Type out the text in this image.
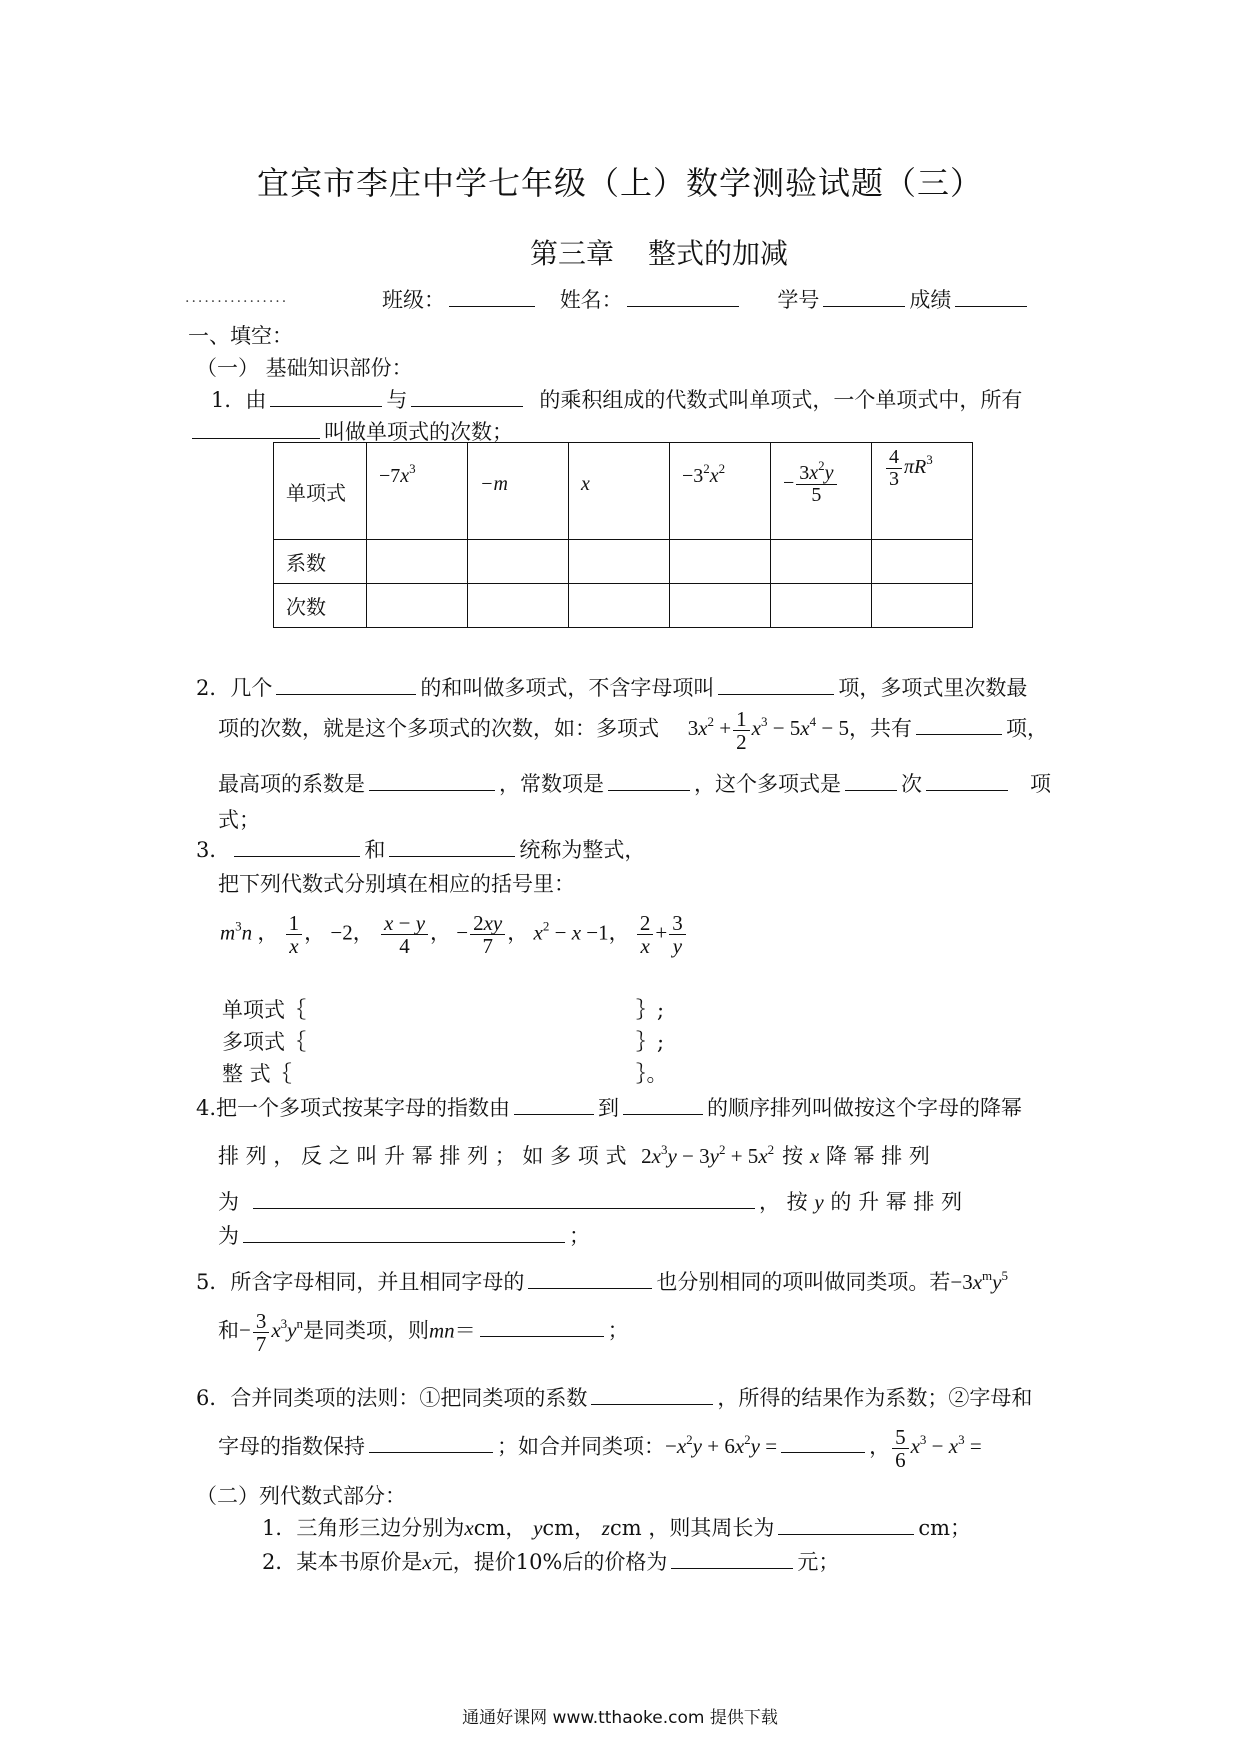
宜宾市李庄中学七年级（上）数学测验试题（三）
第三章 整式的加减
................	班级：	姓名：	学号	成绩
一、填空：
（一） 基础知识部份：
1．由	与	的乘积组成的代数式叫单项式，一个单项式中，所有
叫做单项式的次数；
单项式	$-7x^3$	−m	x	$-3^2x^2$	− $\frac{3x^2y}{5}$	$\frac{4}{3} \pi R^3$
系数						
次数						
2．几个	的和叫做多项式，不含字母项叫	项，多项式里次数最
项的次数，就是这个多项式的次数，如：多项式 $3x^2 + \frac{1}{2} x^3 - 5x^4 - 5$，共有	项，
最高项的系数是	，常数项是	，这个多项式是	次	项
式；
3．	和	统称为整式，
把下列代数式分别填在相应的括号里：
$m^3n$ ， $\frac{1}{x}$ ， −2， $\frac{x - y}{4}$ ， − $\frac{2xy}{7}$ ， $x^2 - x -1$， $\frac{2}{x} + \frac{3}{y}$
单项式｛	｝;
多项式｛	｝;
整 式｛	｝。
4.把一个多项式按某字母的指数由	到	的顺序排列叫做按这个字母的降幂
排 列 ， 反 之 叫 升 幂 排 列 ； 如 多 项 式 $2x^3y - 3y^2 + 5x^2$ 按 x 降 幂 排 列
为	， 按 y 的 升 幂 排 列
为	；
5．所含字母相同，并且相同字母的	也分别相同的项叫做同类项。若$-3x^my^5$
和− $\frac{3}{7} x^3y^n$是同类项，则mn＝	；
6．合并同类项的法则：①把同类项的系数	，所得的结果作为系数；②字母和
字母的指数保持	；如合并同类项：$-x^2y + 6x^2y$ =	， $\frac{5}{6} x^3 - x^3$ =
（二）列代数式部分：
1．三角形三边分别为xcm， ycm， zcm ，则其周长为	cm；
2．某本书原价是x元，提价10%后的价格为	元；
通通好课网 www.tthaoke.com 提供下载
